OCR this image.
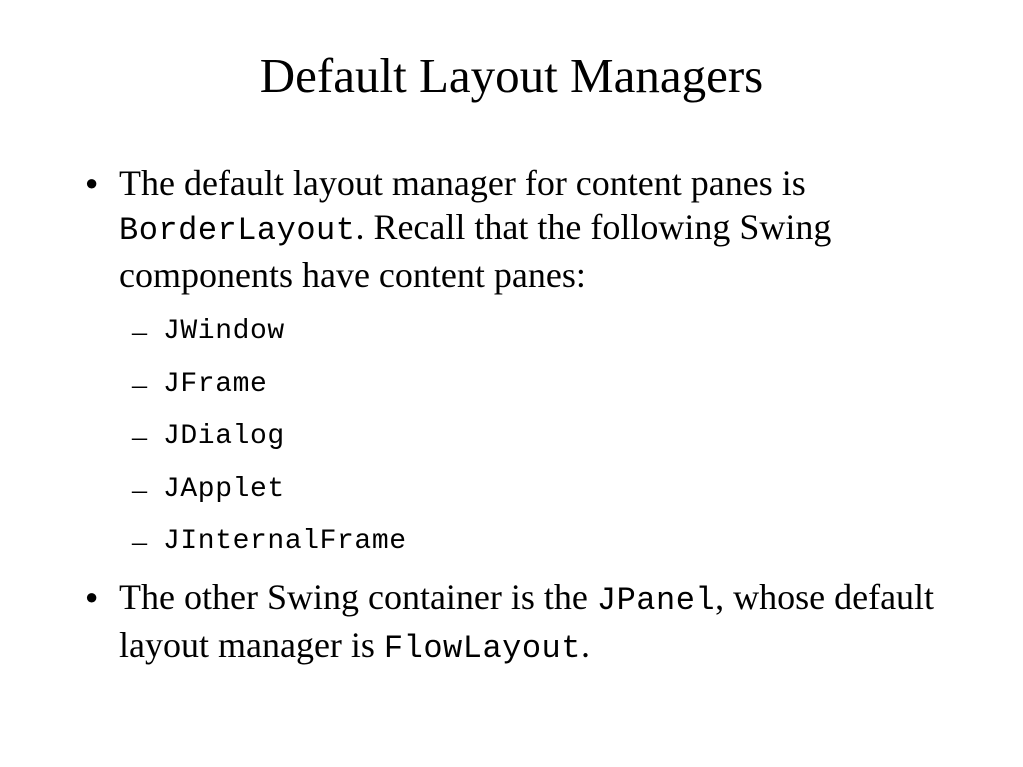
Default Layout Managers
● The default layout manager for content panes is BorderLayout. Recall that the following Swing components have content panes:
– JWindow
– JFrame
– JDialog
– JApplet
– JInternalFrame
● The other Swing container is the JPanel, whose default layout manager is FlowLayout.
